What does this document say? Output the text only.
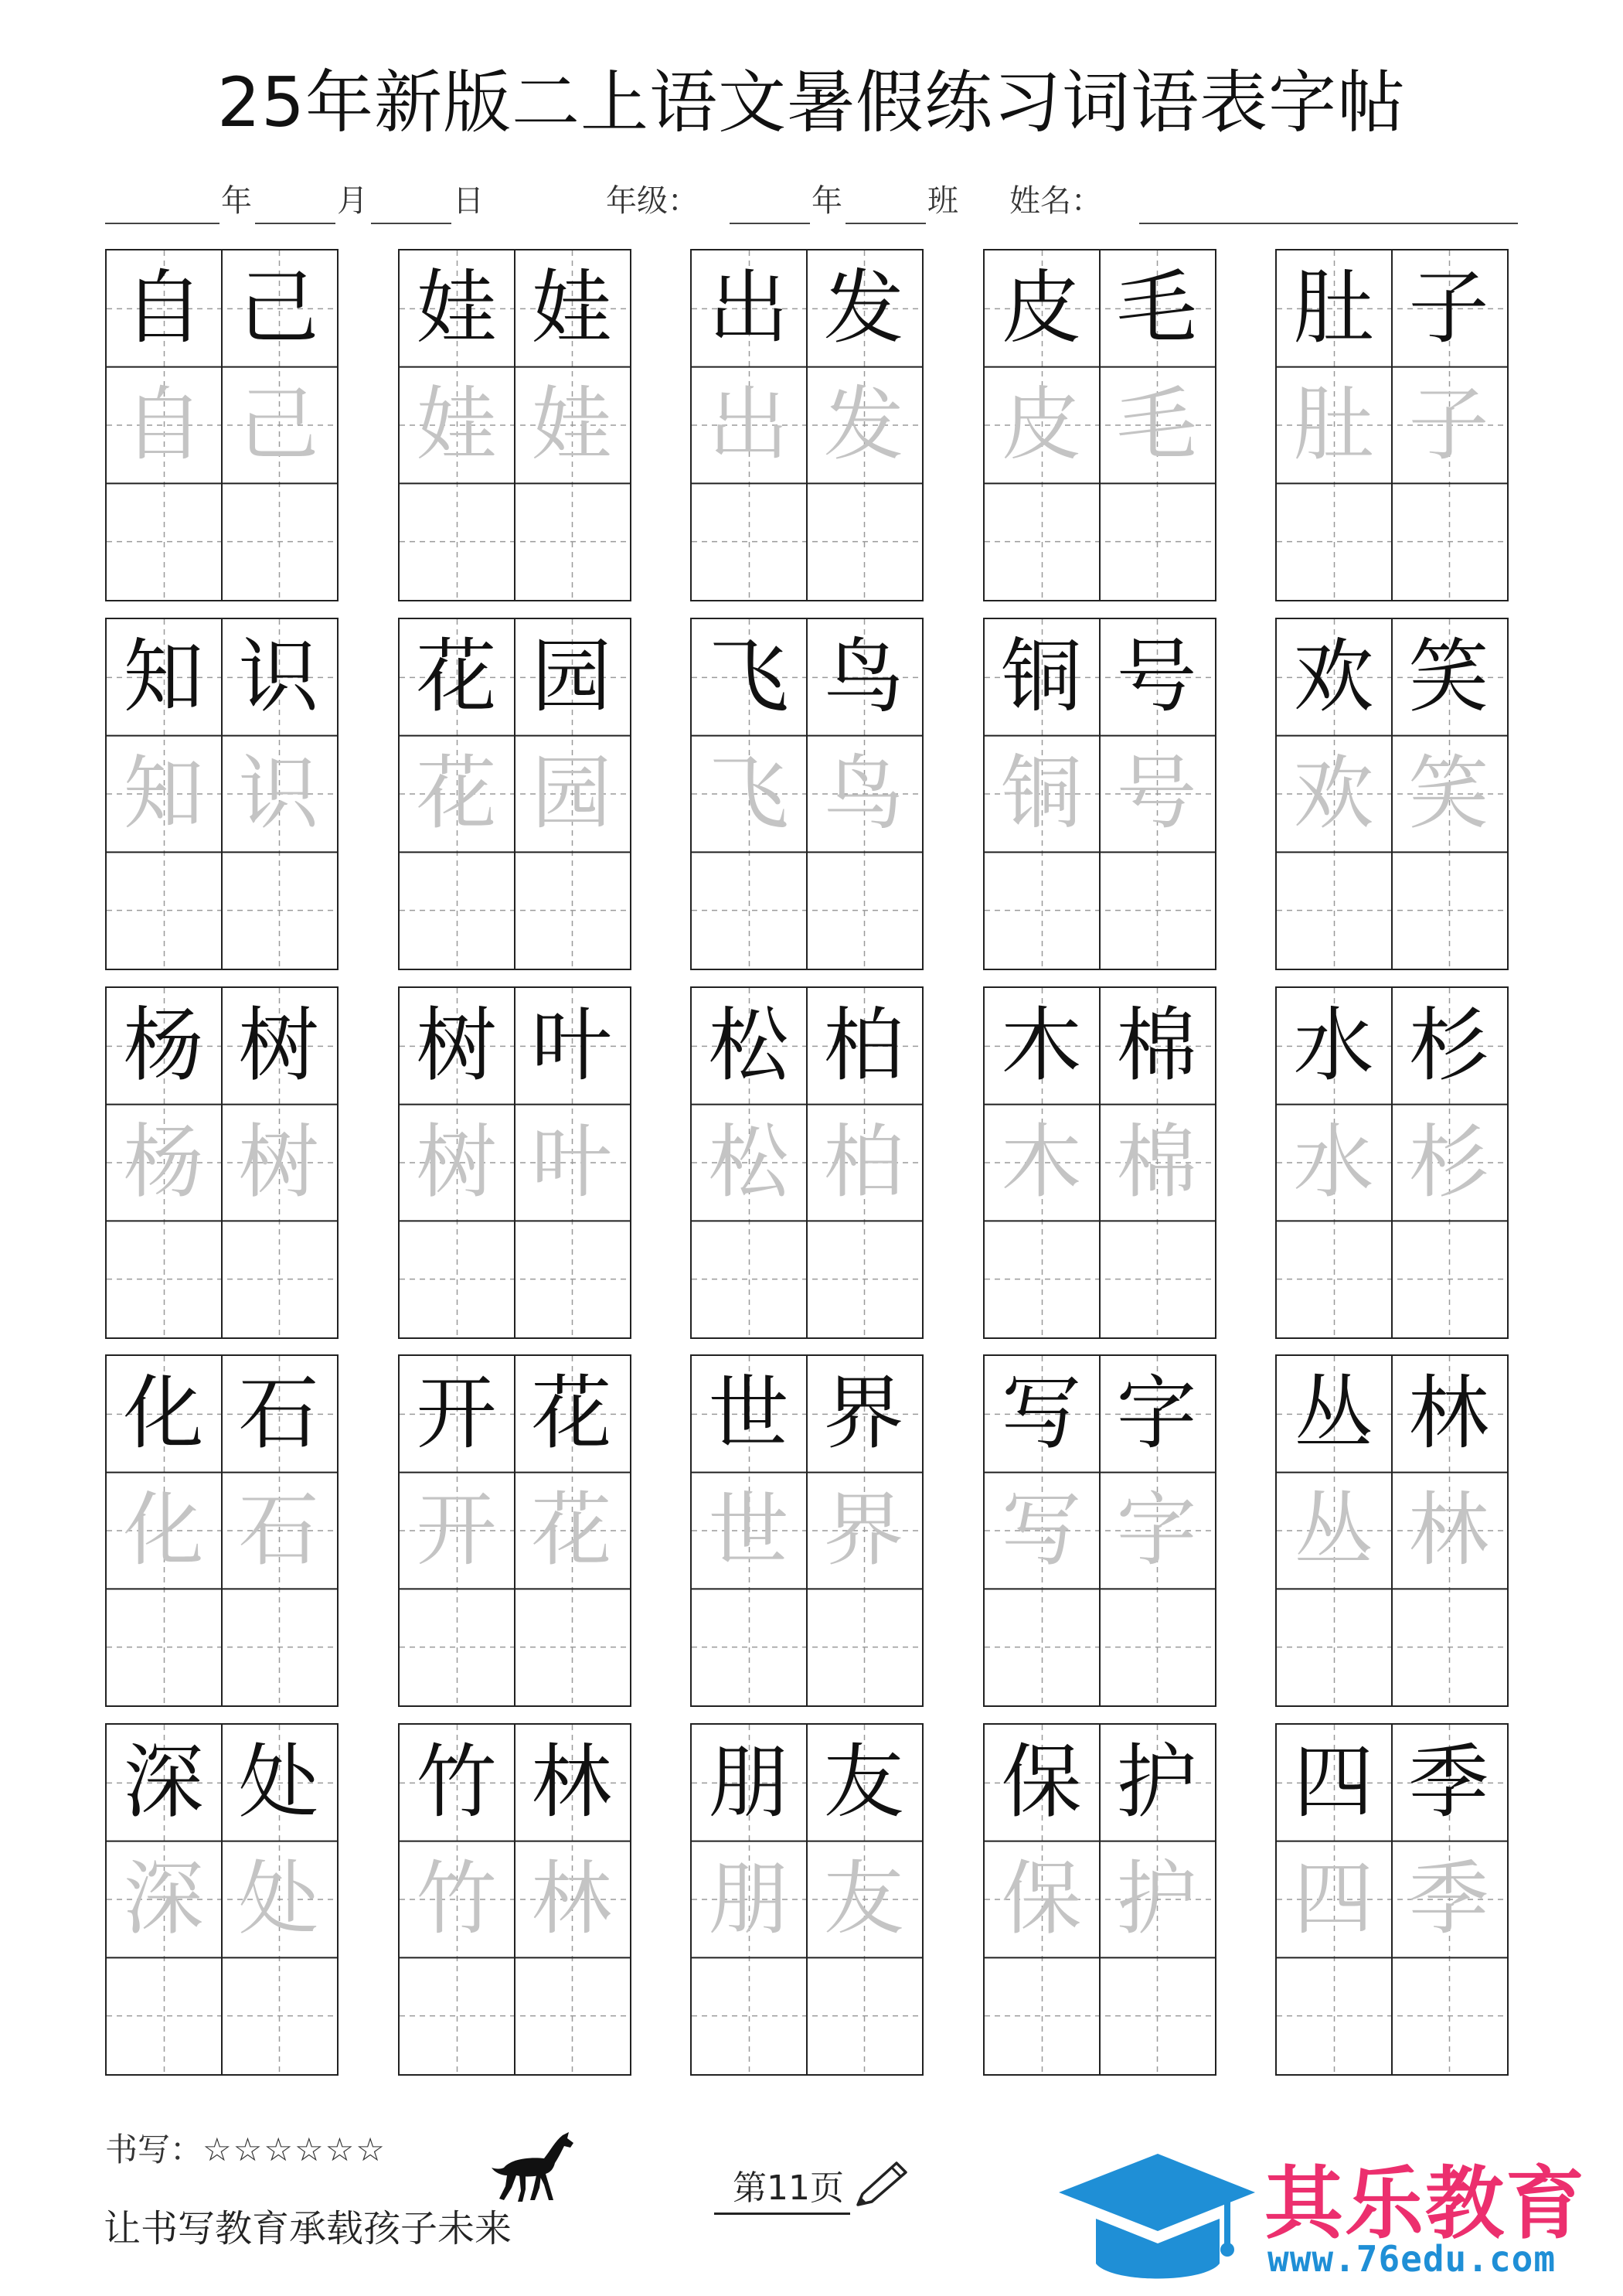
25年新版二上语文暑假练习词语表字帖
年	月	日	年级：	年	班 姓名：
自 己
自 己
娃 娃
娃 娃
出 发
出 发
皮 毛
皮 毛
肚 子
肚 子
知 识
知 识
花 园
花 园
飞 鸟
飞 鸟
铜 号
铜 号
欢 笑
欢 笑
杨 树
杨 树
树 叶
树 叶
松 柏
松 柏
木 棉
木 棉
水 杉
水 杉
化 石
化 石
开 花
开 花
世 界
世 界
写 字
写 字
丛 林
丛 林
深 处
深 处
竹 林
竹 林
朋 友
朋 友
保 护
保 护
四 季
四 季
书写：☆☆☆☆☆☆
第11页
让书写教育承载孩子未来	其乐教育
www.76edu.com
